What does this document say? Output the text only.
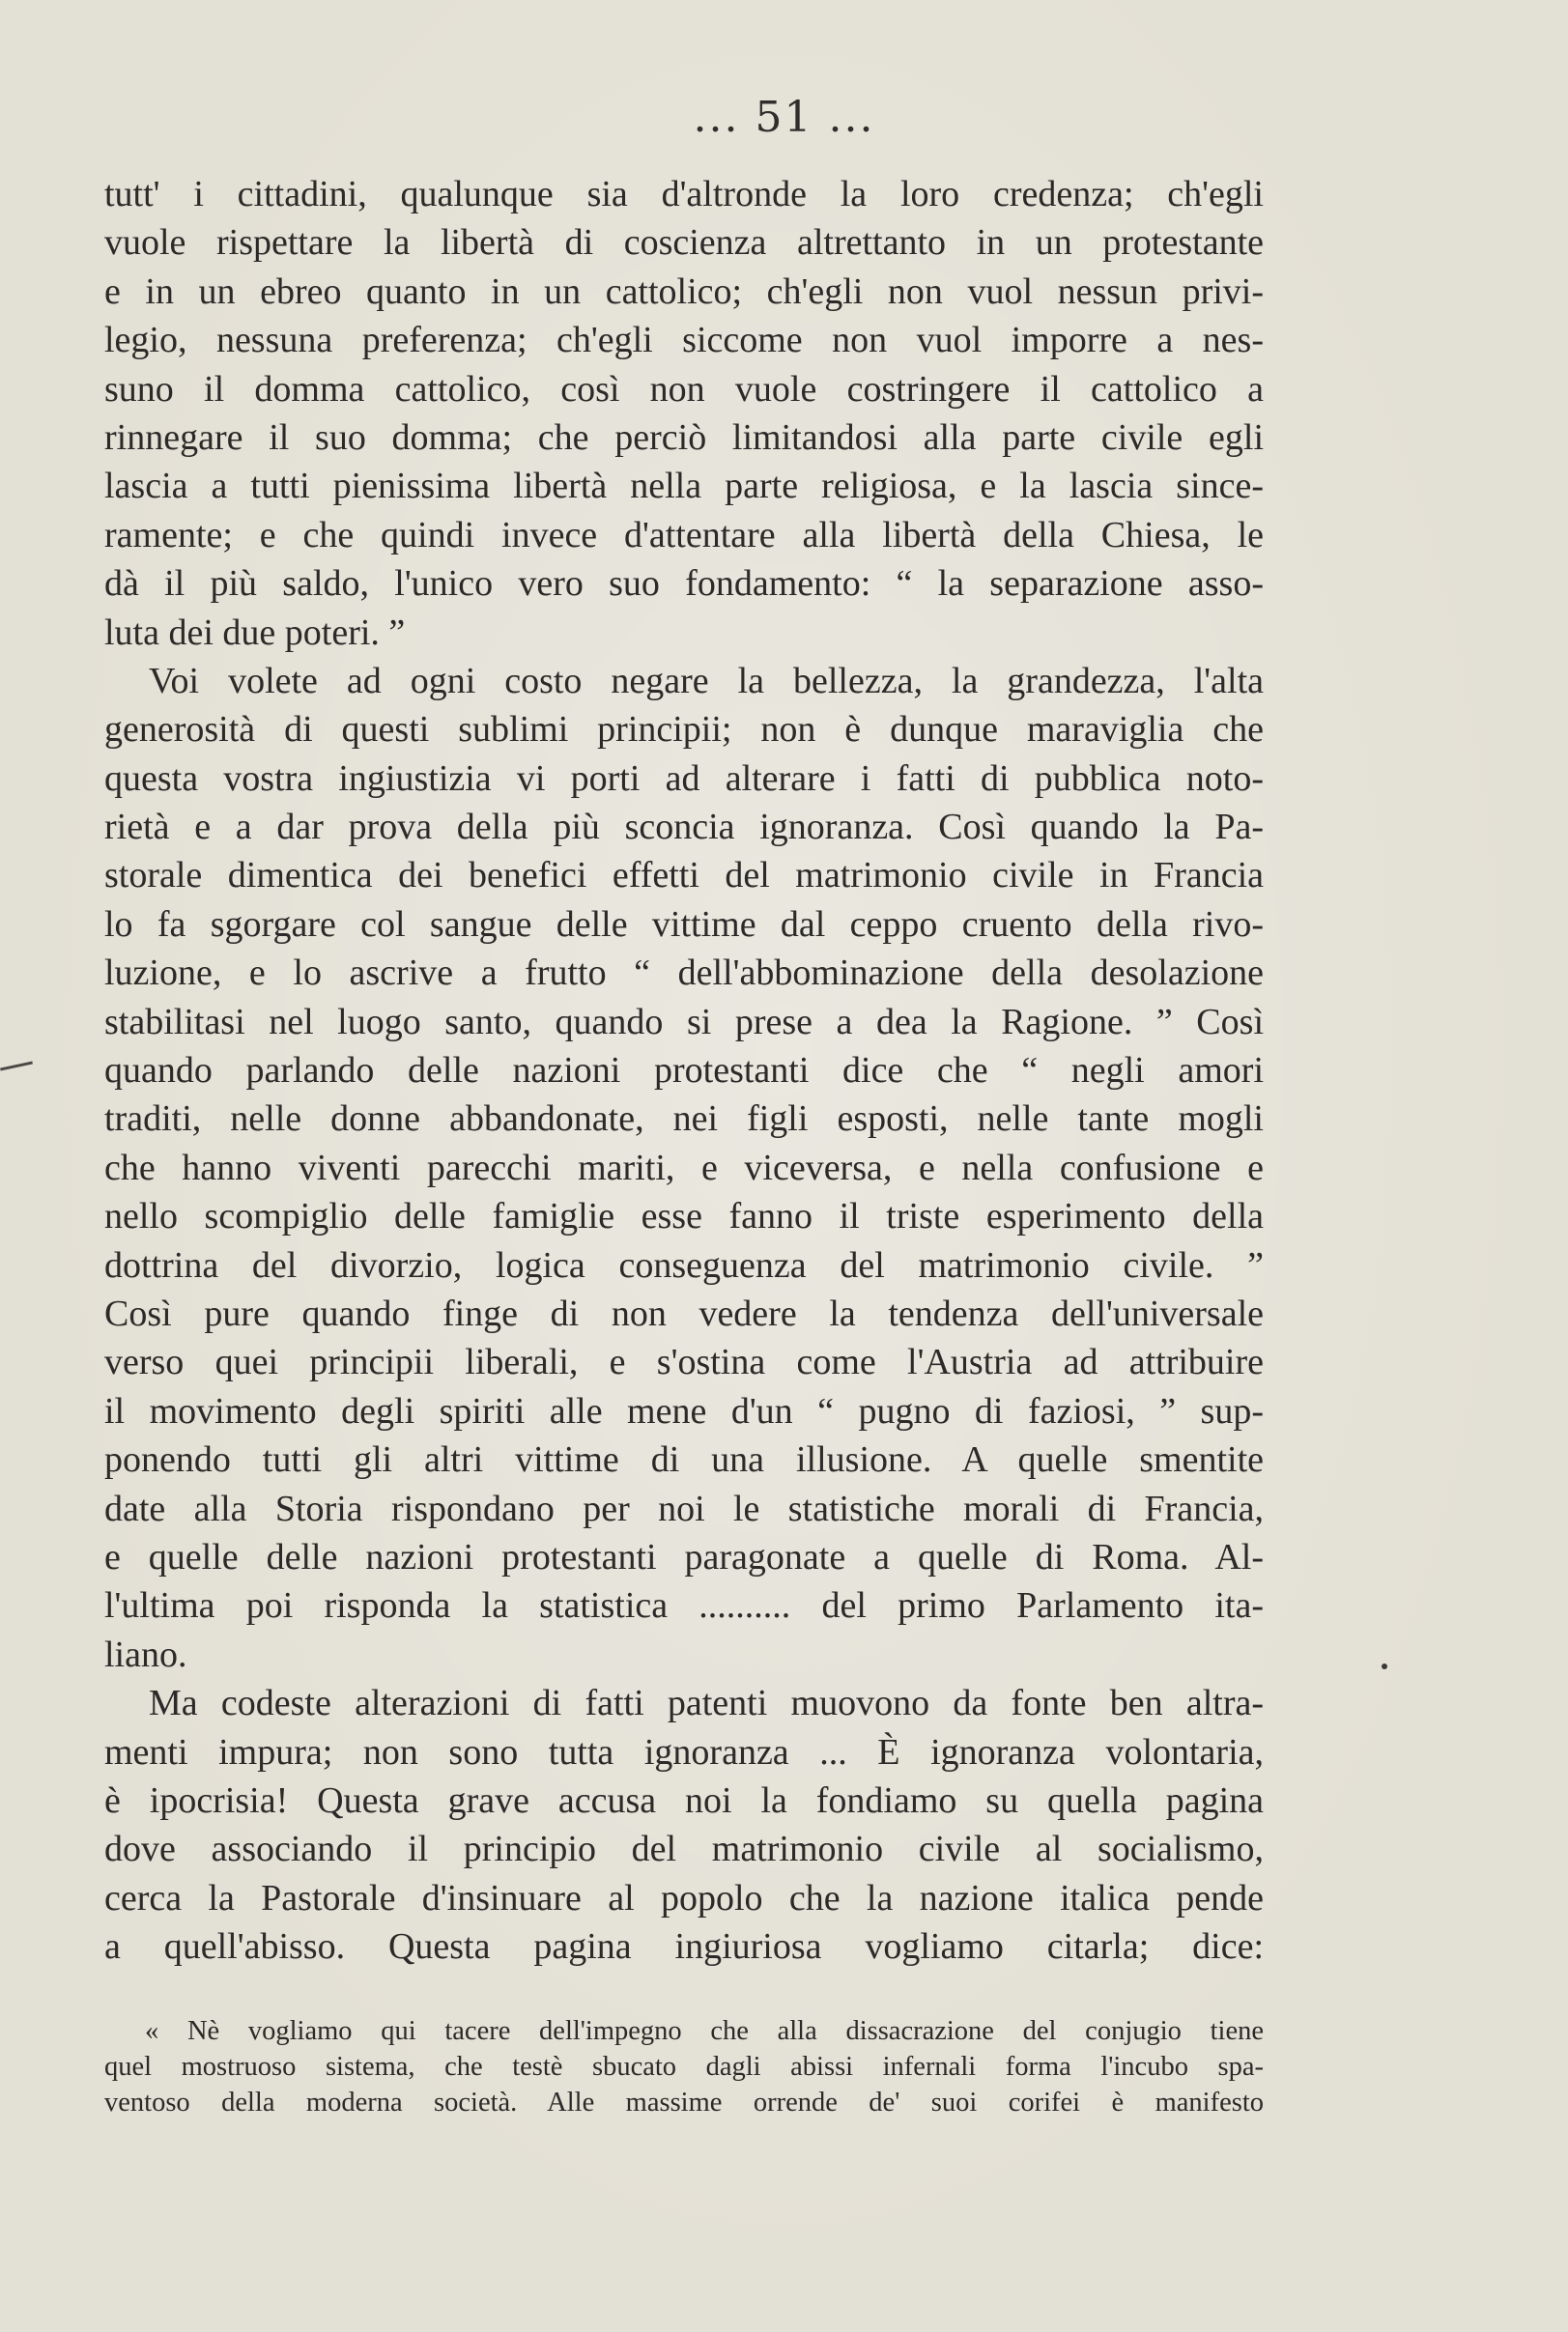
... 51 ...
tutt' i cittadini, qualunque sia d'altronde la loro credenza; ch'egli
vuole rispettare la libertà di coscienza altrettanto in un protestante
e in un ebreo quanto in un cattolico; ch'egli non vuol nessun privi-
legio, nessuna preferenza; ch'egli siccome non vuol imporre a nes-
suno il domma cattolico, così non vuole costringere il cattolico a
rinnegare il suo domma; che perciò limitandosi alla parte civile egli
lascia a tutti pienissima libertà nella parte religiosa, e la lascia since-
ramente; e che quindi invece d'attentare alla libertà della Chiesa, le
dà il più saldo, l'unico vero suo fondamento: “ la separazione asso-
luta dei due poteri. ”
Voi volete ad ogni costo negare la bellezza, la grandezza, l'alta
generosità di questi sublimi principii; non è dunque maraviglia che
questa vostra ingiustizia vi porti ad alterare i fatti di pubblica noto-
rietà e a dar prova della più sconcia ignoranza. Così quando la Pa-
storale dimentica dei benefici effetti del matrimonio civile in Francia
lo fa sgorgare col sangue delle vittime dal ceppo cruento della rivo-
luzione, e lo ascrive a frutto “ dell'abbominazione della desolazione
stabilitasi nel luogo santo, quando si prese a dea la Ragione. ” Così
quando parlando delle nazioni protestanti dice che “ negli amori
traditi, nelle donne abbandonate, nei figli esposti, nelle tante mogli
che hanno viventi parecchi mariti, e viceversa, e nella confusione e
nello scompiglio delle famiglie esse fanno il triste esperimento della
dottrina del divorzio, logica conseguenza del matrimonio civile. ”
Così pure quando finge di non vedere la tendenza dell'universale
verso quei principii liberali, e s'ostina come l'Austria ad attribuire
il movimento degli spiriti alle mene d'un “ pugno di faziosi, ” sup-
ponendo tutti gli altri vittime di una illusione. A quelle smentite
date alla Storia rispondano per noi le statistiche morali di Francia,
e quelle delle nazioni protestanti paragonate a quelle di Roma. Al-
l'ultima poi risponda la statistica .......... del primo Parlamento ita-
liano.
Ma codeste alterazioni di fatti patenti muovono da fonte ben altra-
menti impura; non sono tutta ignoranza ... È ignoranza volontaria,
è ipocrisia! Questa grave accusa noi la fondiamo su quella pagina
dove associando il principio del matrimonio civile al socialismo,
cerca la Pastorale d'insinuare al popolo che la nazione italica pende
a quell'abisso. Questa pagina ingiuriosa vogliamo citarla; dice:
« Nè vogliamo qui tacere dell'impegno che alla dissacrazione del conjugio tiene
quel mostruoso sistema, che testè sbucato dagli abissi infernali forma l'incubo spa-
ventoso della moderna società. Alle massime orrende de' suoi corifei è manifesto
